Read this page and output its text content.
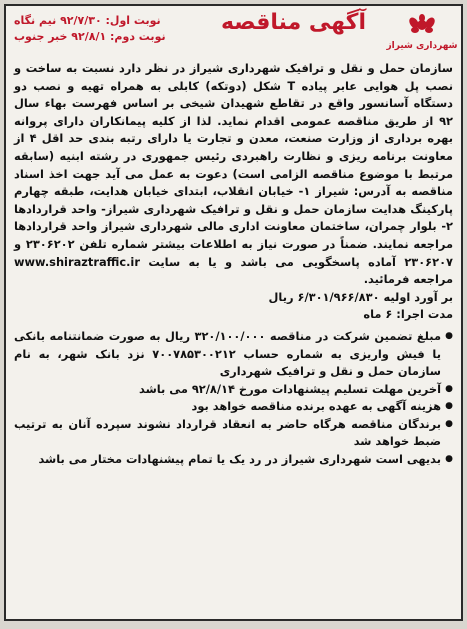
شهرداری شیراز
آگهی مناقصه
نوبت اول: ۹۲/۷/۳۰ نیم نگاه
نوبت دوم: ۹۲/۸/۱ خبر جنوب

سازمان حمل و نقل و ترافیک شهرداری شیراز در نظر دارد نسبت به ساخت و نصب پل هوایی عابر پیاده T شکل (دوتکه) کابلی به همراه تهیه و نصب دو دستگاه آسانسور واقع در تقاطع شهیدان شیخی بر اساس فهرست بهاء سال ۹۲ از طریق مناقصه عمومی اقدام نماید. لذا از کلیه پیمانکاران دارای پروانه بهره برداری از وزارت صنعت، معدن و تجارت یا دارای رتبه بندی حد اقل ۴ از معاونت برنامه ریزی و نظارت راهبردی رئیس جمهوری در رشته ابنیه (سابقه مرتبط با موضوع مناقصه الزامی است) دعوت به عمل می آید جهت اخذ اسناد مناقصه به آدرس: شیراز ۱- خیابان انقلاب، ابتدای خیابان هدایت، طبقه چهارم پارکینگ هدایت سازمان حمل و نقل و ترافیک شهرداری شیراز- واحد قراردادها ۲- بلوار چمران، ساختمان معاونت اداری مالی شهرداری شیراز واحد قراردادها مراجعه نمایند. ضمناً در صورت نیاز به اطلاعات بیشتر شماره تلفن ۲۳۰۶۲۰۲ و ۲۳۰۶۲۰۷ آماده پاسخگویی می باشد و یا به سایت www.shiraztraffic.ir مراجعه فرمائید.

بر آورد اولیه ۶/۳۰۱/۹۶۶/۸۳۰ ریال

مدت اجرا: ۶ ماه

● مبلغ تضمین شرکت در مناقصه ۳۲۰/۱۰۰/۰۰۰ ریال به صورت ضمانتنامه بانکی یا فیش واریزی به شماره حساب ۷۰۰۷۸۵۳۰۰۲۱۲ نزد بانک شهر، به نام سازمان حمل و نقل و ترافیک شهرداری
● آخرین مهلت تسلیم پیشنهادات مورخ ۹۲/۸/۱۴ می باشد
● هزینه آگهی به عهده برنده مناقصه خواهد بود
● برندگان مناقصه هرگاه حاضر به انعقاد قرارداد نشوند سپرده آنان به ترتیب ضبط خواهد شد
● بدیهی است شهرداری شیراز در رد یک یا تمام پیشنهادات مختار می باشد
